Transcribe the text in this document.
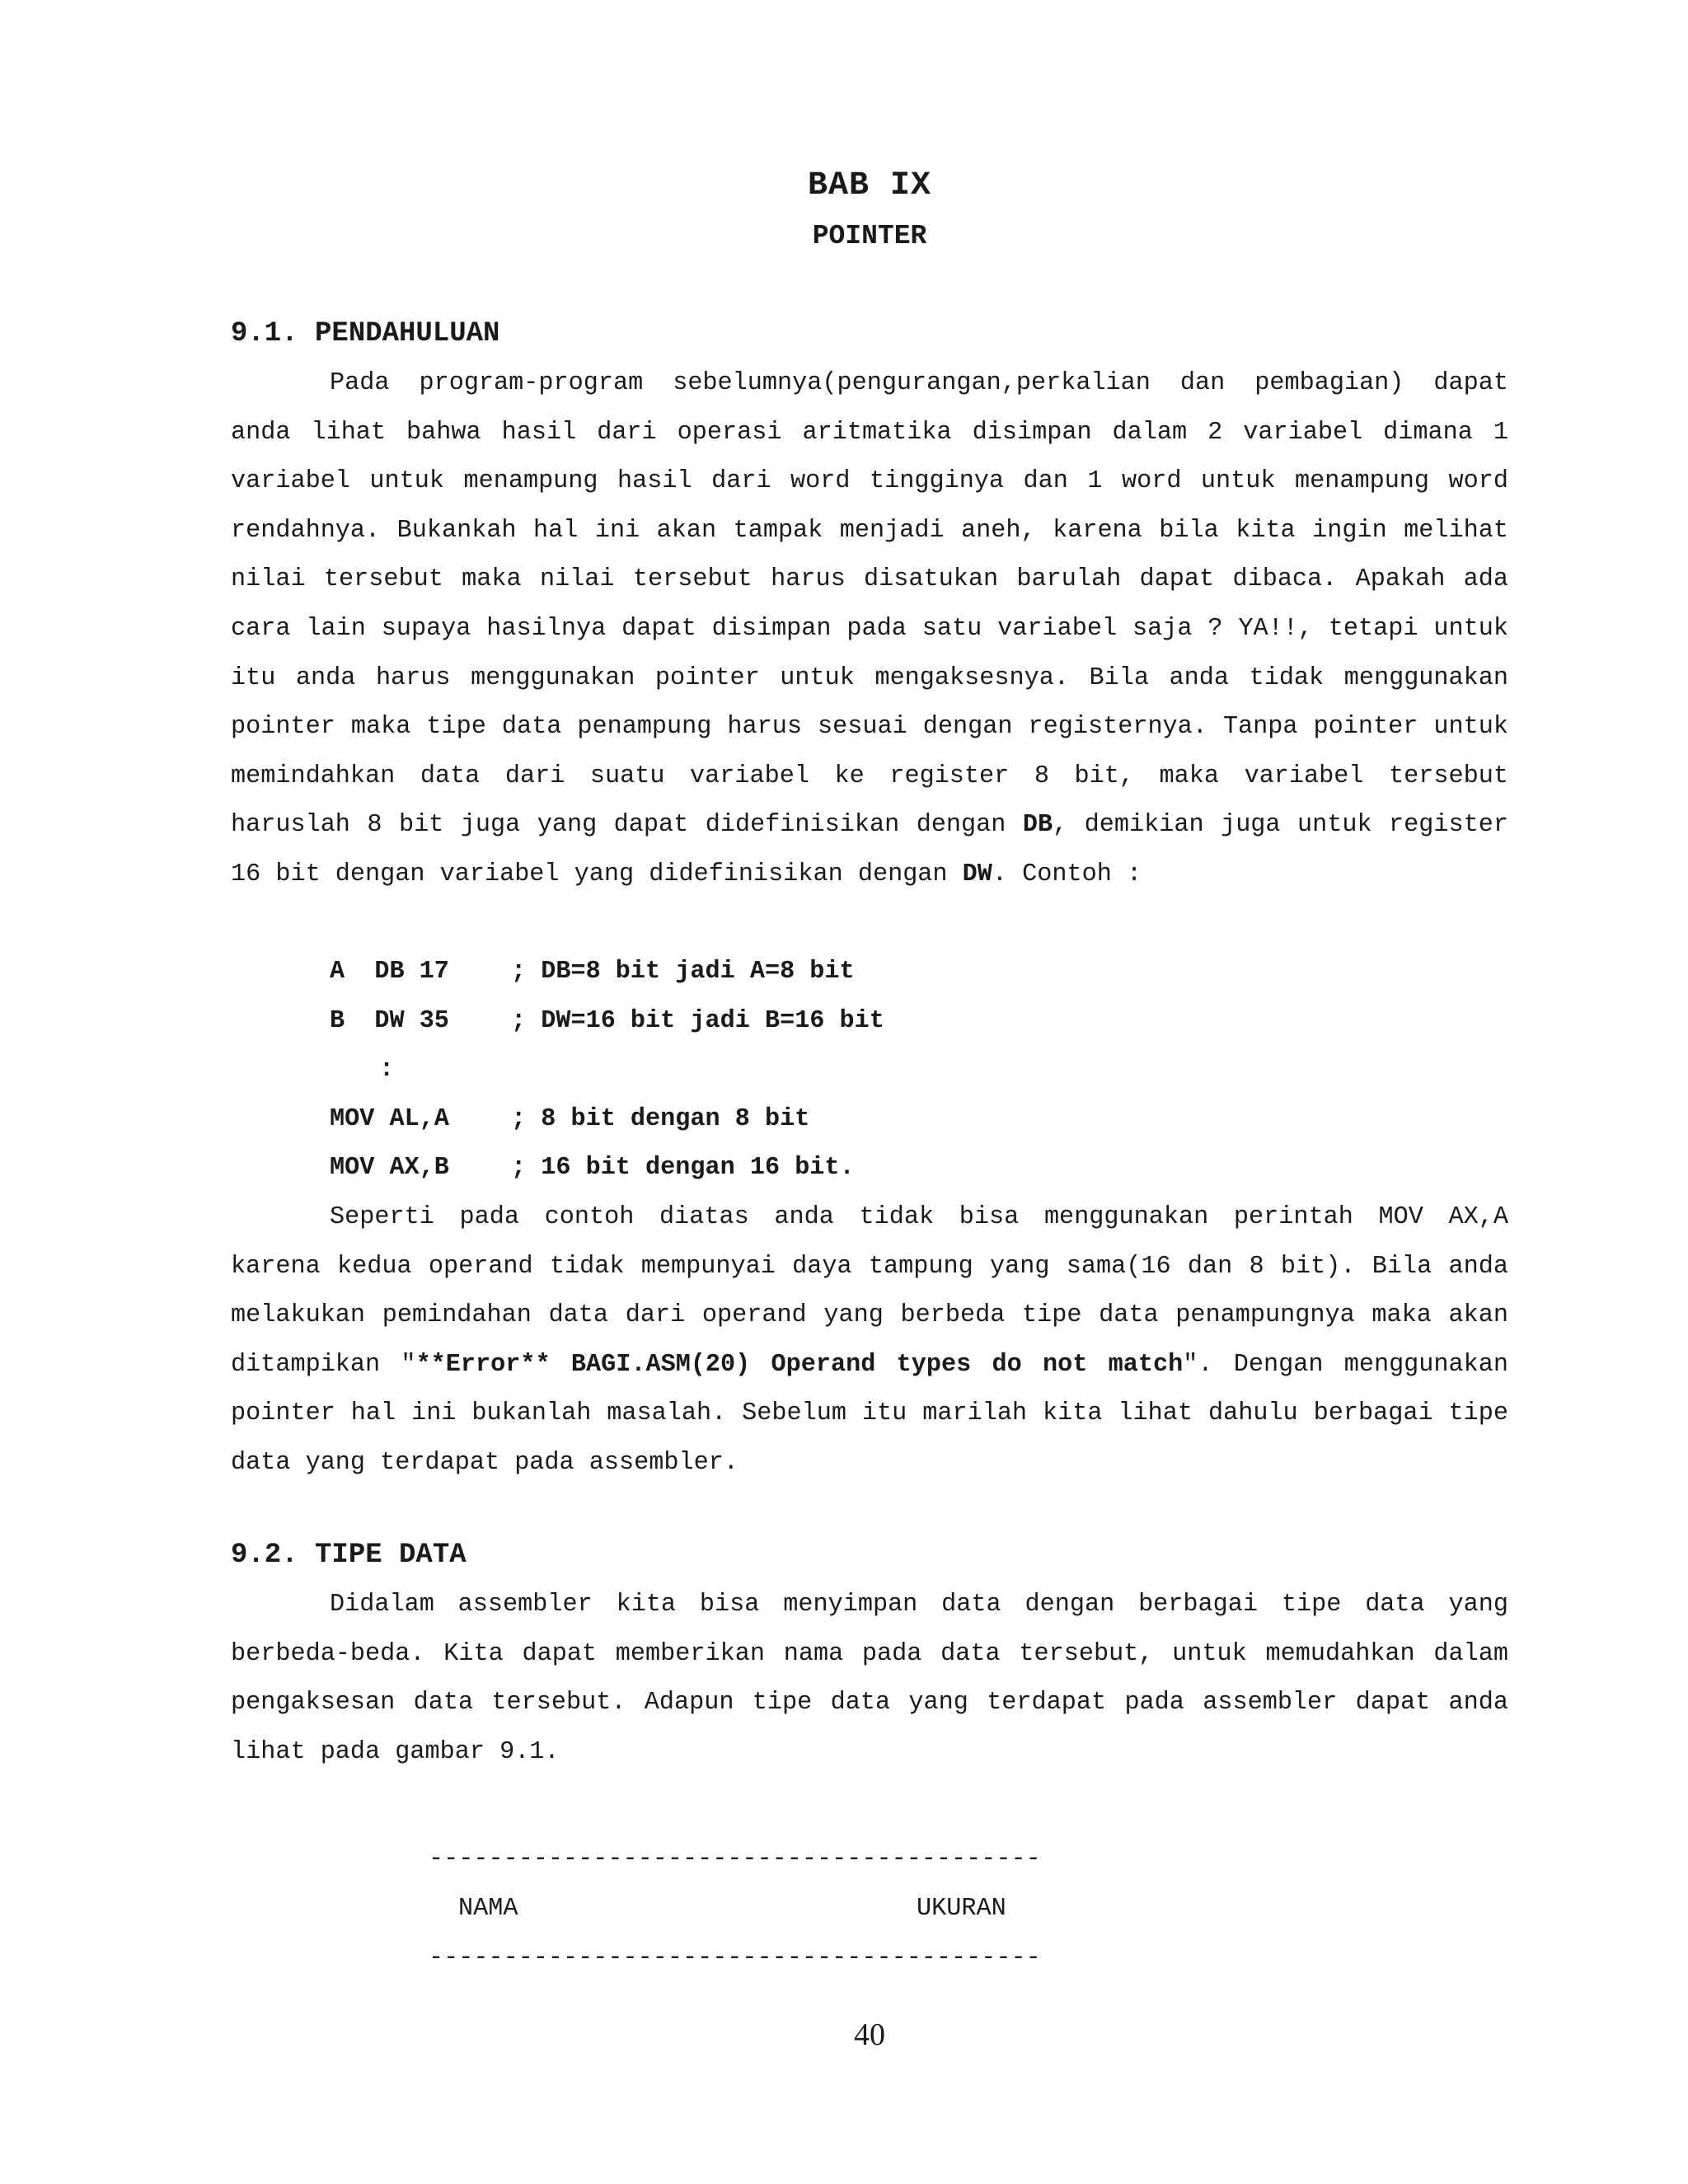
BAB IX
POINTER
9.1. PENDAHULUAN

Pada program-program sebelumnya(pengurangan,perkalian dan pembagian) dapat anda lihat bahwa hasil dari operasi aritmatika disimpan dalam 2 variabel dimana 1 variabel untuk menampung hasil dari word tingginya dan 1 word untuk menampung word rendahnya. Bukankah hal ini akan tampak menjadi aneh, karena bila kita ingin melihat nilai tersebut maka nilai tersebut harus disatukan barulah dapat dibaca. Apakah ada cara lain supaya hasilnya dapat disimpan pada satu variabel saja ? YA!!, tetapi untuk itu anda harus menggunakan pointer untuk mengaksesnya. Bila anda tidak menggunakan pointer maka tipe data penampung harus sesuai dengan registernya. Tanpa pointer untuk memindahkan data dari suatu variabel ke register 8 bit, maka variabel tersebut haruslah 8 bit juga yang dapat didefinisikan dengan DB, demikian juga untuk register 16 bit dengan variabel yang didefinisikan dengan DW. Contoh :

A  DB 17 ; DB=8 bit jadi A=8 bit
B  DW 35 ; DW=16 bit jadi B=16 bit
:
MOV AL,A ; 8 bit dengan 8 bit
MOV AX,B ; 16 bit dengan 16 bit.

Seperti pada contoh diatas anda tidak bisa menggunakan perintah MOV AX,A karena kedua operand tidak mempunyai daya tampung yang sama(16 dan 8 bit). Bila anda melakukan pemindahan data dari operand yang berbeda tipe data penampungnya maka akan ditampikan "**Error** BAGI.ASM(20) Operand types do not match". Dengan menggunakan pointer hal ini bukanlah masalah. Sebelum itu marilah kita lihat dahulu berbagai tipe data yang terdapat pada assembler.

9.2. TIPE DATA

Didalam assembler kita bisa menyimpan data dengan berbagai tipe data yang berbeda-beda. Kita dapat memberikan nama pada data tersebut, untuk memudahkan dalam pengaksesan data tersebut. Adapun tipe data yang terdapat pada assembler dapat anda lihat pada gambar 9.1.

-----------------------------------------
NAMA	UKURAN
-----------------------------------------
40
